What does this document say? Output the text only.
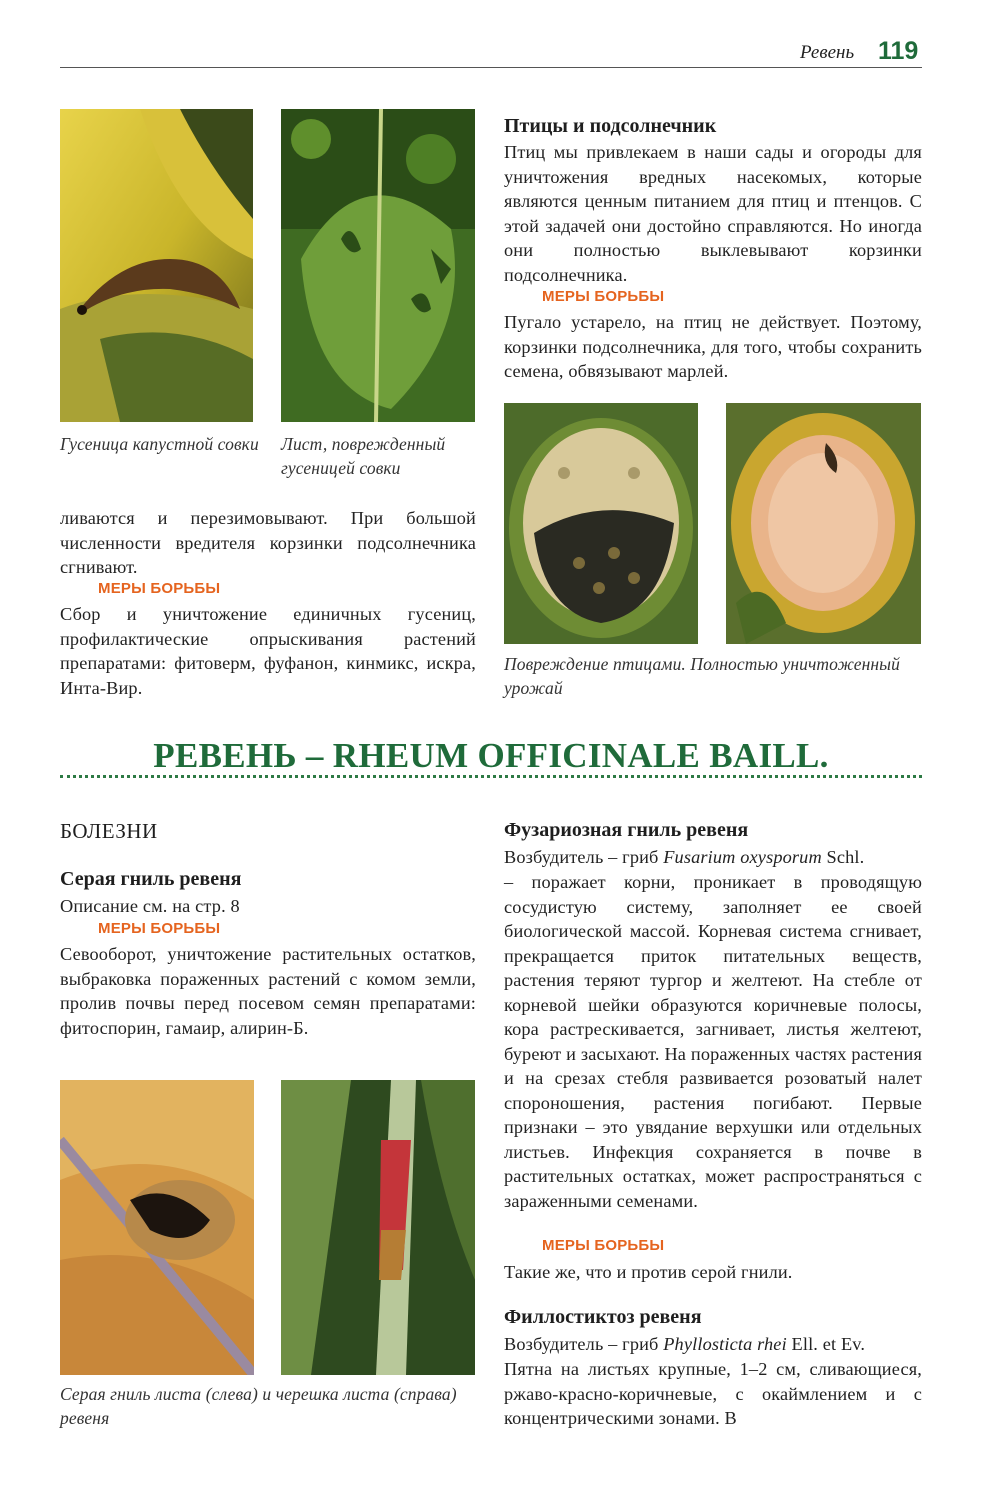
Ревень 119
Гусеница капустной совки Лист, поврежденный гусеницей совки
ливаются и перезимовывают. При большой численности вредителя корзинки подсолнечника сгнивают.
МЕРЫ БОРЬБЫ
Сбор и уничтожение единичных гусениц, профилактические опрыскивания растений препаратами: фитоверм, фуфанон, кинмикс, искра, Инта-Вир.
Птицы и подсолнечник
Птиц мы привлекаем в наши сады и огороды для уничтожения вредных насекомых, которые являются ценным питанием для птиц и птенцов. С этой задачей они достойно справляются. Но иногда они полностью выклевывают корзинки подсолнечника.
МЕРЫ БОРЬБЫ
Пугало устарело, на птиц не действует. Поэтому, корзинки подсолнечника, для того, чтобы сохранить семена, обвязывают марлей.
Повреждение птицами. Полностью уничтоженный урожай
РЕВЕНЬ – RHEUM OFFICINALE BAILL.
БОЛЕЗНИ
Серая гниль ревеня
Описание см. на стр. 8
МЕРЫ БОРЬБЫ
Севооборот, уничтожение растительных остатков, выбраковка пораженных растений с комом земли, пролив почвы перед посевом семян препаратами: фитоспорин, гамаир, алирин-Б.
Серая гниль листа (слева) и черешка листа (справа) ревеня
Фузариозная гниль ревеня
Возбудитель – гриб Fusarium oxysporum Schl.
– поражает корни, проникает в проводящую сосудистую систему, заполняет ее своей биологической массой. Корневая система сгнивает, прекращается приток питательных веществ, растения теряют тургор и желтеют. На стебле от корневой шейки образуются коричневые полосы, кора растрескивается, загнивает, листья желтеют, буреют и засыхают. На пораженных частях растения и на срезах стебля развивается розоватый налет спороношения, растения погибают. Первые признаки – это увядание верхушки или отдельных листьев. Инфекция сохраняется в почве в растительных остатках, может распространяться с зараженными семенами.
МЕРЫ БОРЬБЫ
Такие же, что и против серой гнили.
Филлостиктоз ревеня
Возбудитель – гриб Phyllosticta rhei Ell. et Ev.
Пятна на листьях крупные, 1–2 см, сливающиеся, ржаво-красно-коричневые, с окаймлением и с концентрическими зонами. В
